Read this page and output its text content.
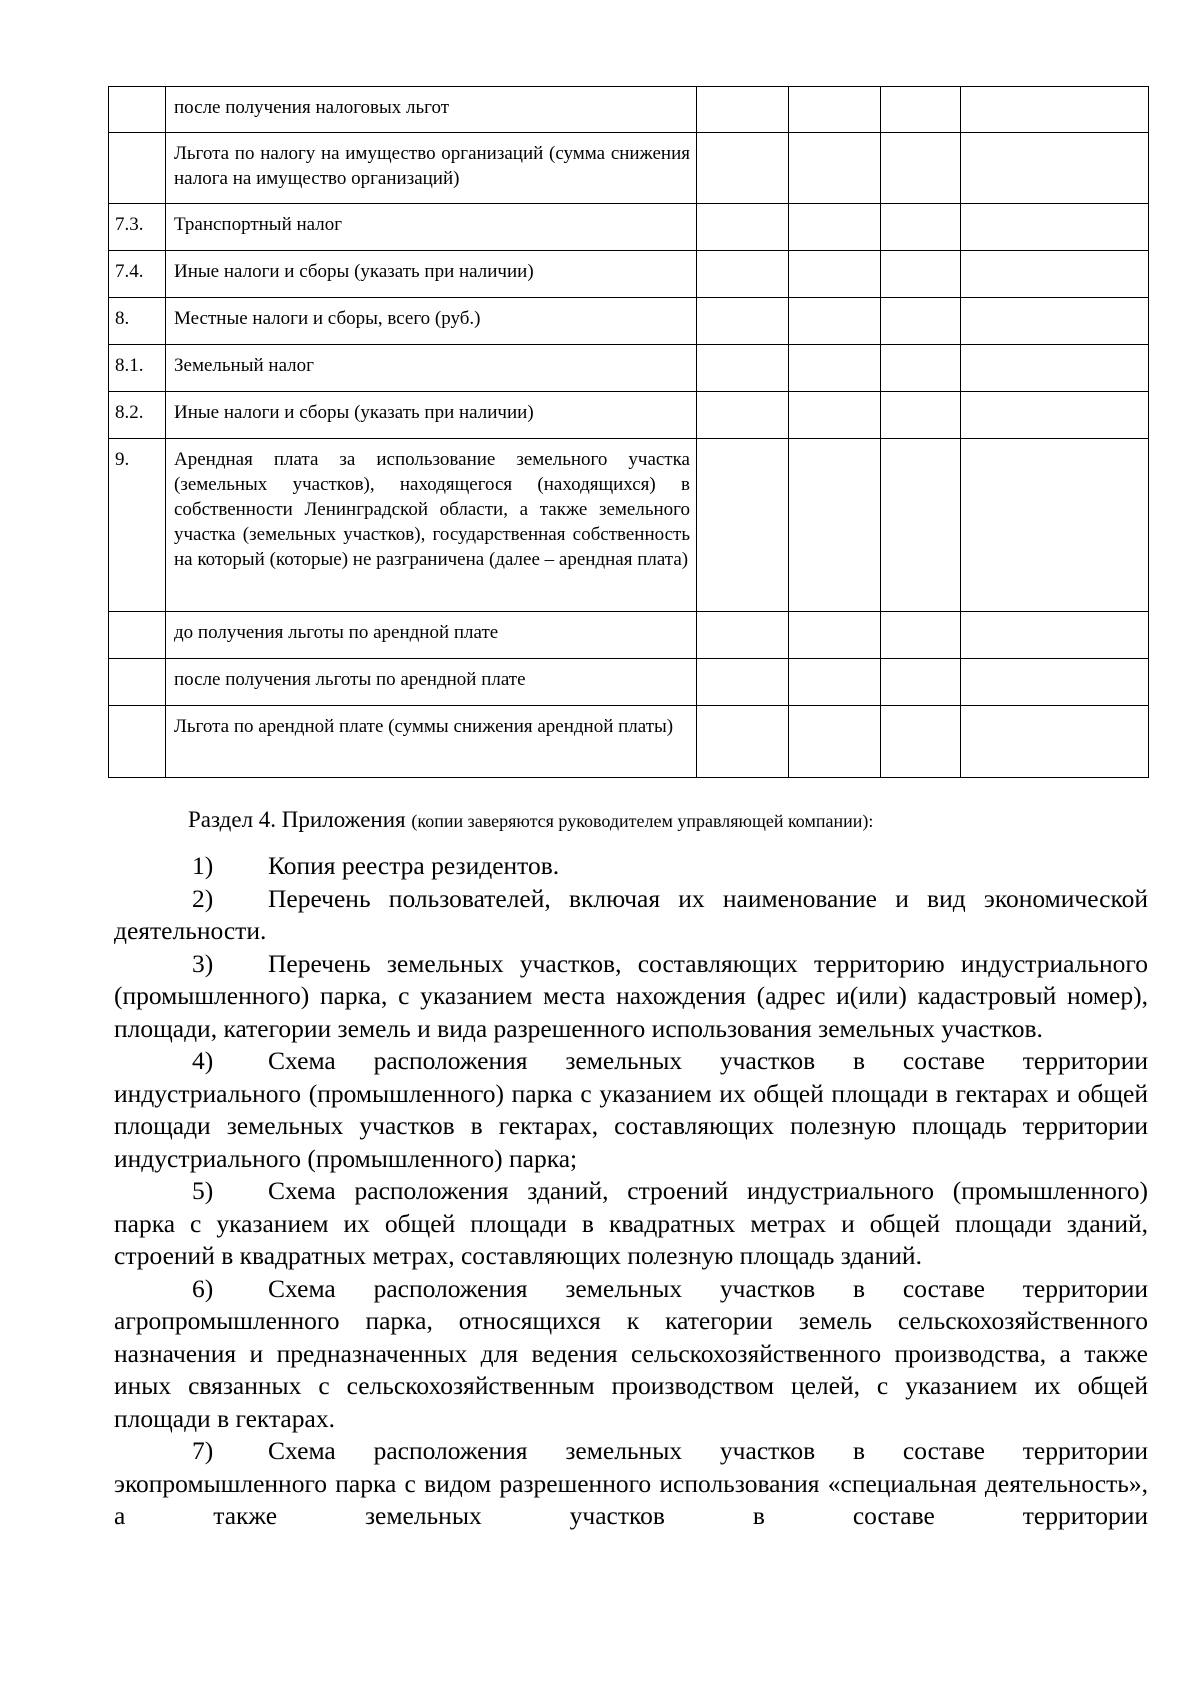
	после получения налоговых льгот				
	Льгота по налогу на имущество организаций (сумма снижения налога на имущество организаций)				
7.3.	Транспортный налог				
7.4.	Иные налоги и сборы (указать при наличии)				
8.	Местные налоги и сборы, всего (руб.)				
8.1.	Земельный налог				
8.2.	Иные налоги и сборы (указать при наличии)				
9.	Арендная плата за использование земельного участка (земельных участков), находящегося (находящихся) в собственности Ленинградской области, а также земельного участка (земельных участков), государственная собственность на который (которые) не разграничена (далее – арендная плата)				
	до получения льготы по арендной плате				
	после получения льготы по арендной плате				
	Льгота по арендной плате (суммы снижения арендной платы)				
Раздел 4. Приложения (копии заверяются руководителем управляющей компании):

1) Копия реестра резидентов.

2) Перечень пользователей, включая их наименование и вид экономической деятельности.

3) Перечень земельных участков, составляющих территорию индустриального (промышленного) парка, с указанием места нахождения (адрес и(или) кадастровый номер), площади, категории земель и вида разрешенного использования земельных участков.

4) Схема расположения земельных участков в составе территории индустриального (промышленного) парка с указанием их общей площади в гектарах и общей площади земельных участков в гектарах, составляющих полезную площадь территории индустриального (промышленного) парка;

5) Схема расположения зданий, строений индустриального (промышленного) парка с указанием их общей площади в квадратных метрах и общей площади зданий, строений в квадратных метрах, составляющих полезную площадь зданий.

6) Схема расположения земельных участков в составе территории агропромышленного парка, относящихся к категории земель сельскохозяйственного назначения и предназначенных для ведения сельскохозяйственного производства, а также иных связанных с сельскохозяйственным производством целей, с указанием их общей площади в гектарах.

7) Схема расположения земельных участков в составе территории экопромышленного парка с видом разрешенного использования «специальная деятельность», а также земельных участков в составе территории
